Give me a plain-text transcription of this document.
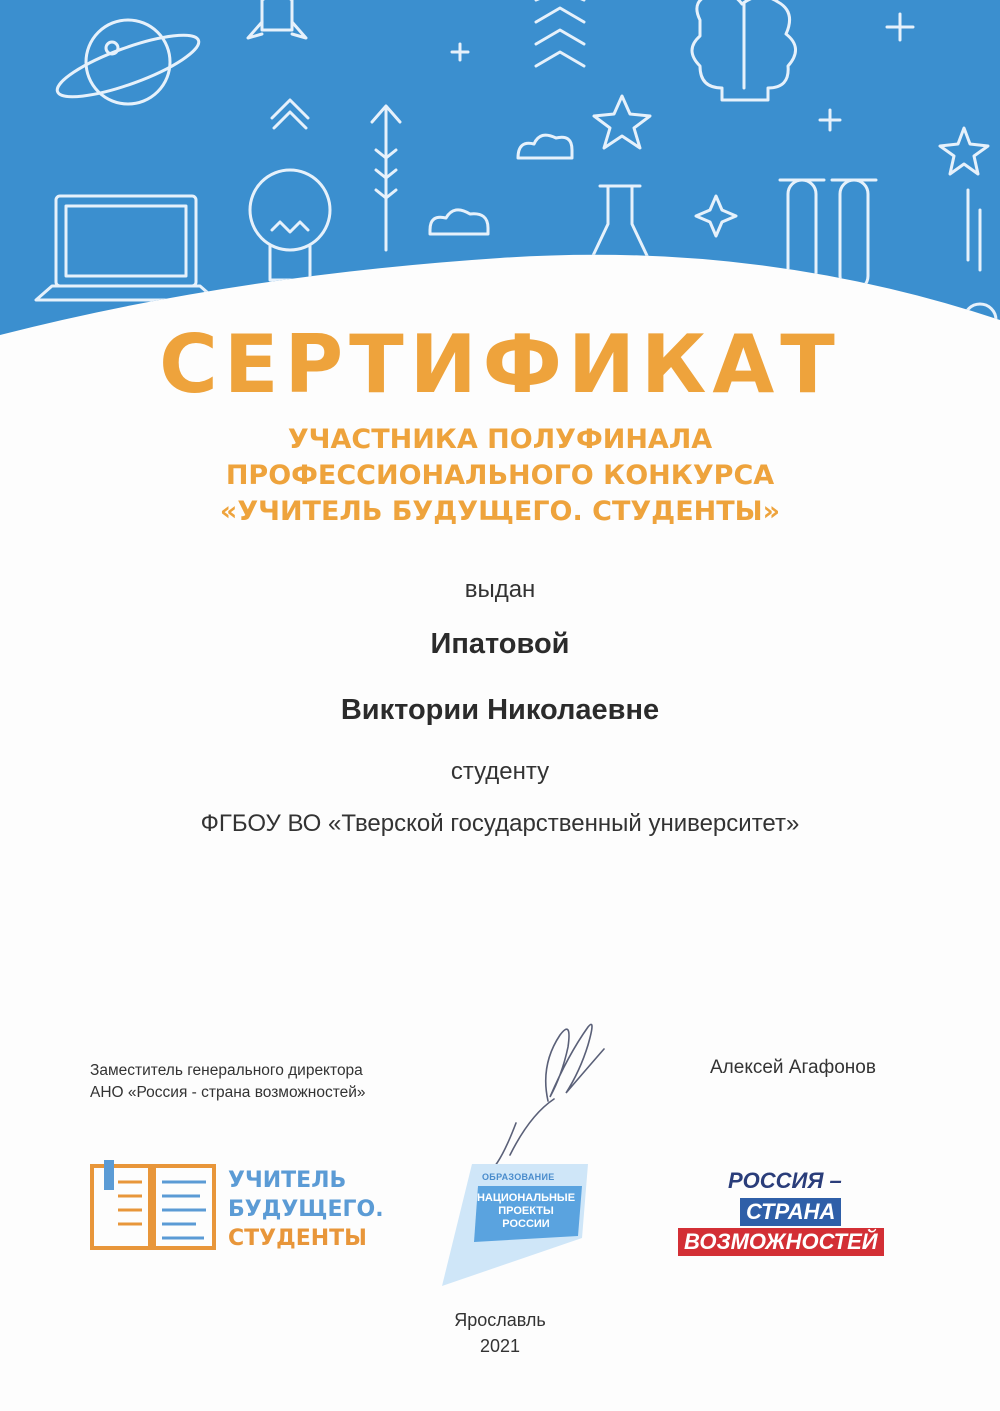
СЕРТИФИКАТ
УЧАСТНИКА ПОЛУФИНАЛА
ПРОФЕССИОНАЛЬНОГО КОНКУРСА
«УЧИТЕЛЬ БУДУЩЕГО. СТУДЕНТЫ»

выдан

Ипатовой

Виктории Николаевне

студенту

ФГБОУ ВО «Тверской государственный университет»

Заместитель генерального директора
АНО «Россия - страна возможностей»
Алексей Агафонов
УЧИТЕЛЬ
БУДУЩЕГО.
СТУДЕНТЫ
ОБРАЗОВАНИЕ
НАЦИОНАЛЬНЫЕ
ПРОЕКТЫ
РОССИИ
РОССИЯ –
СТРАНА
ВОЗМОЖНОСТЕЙ
Ярославль
2021
